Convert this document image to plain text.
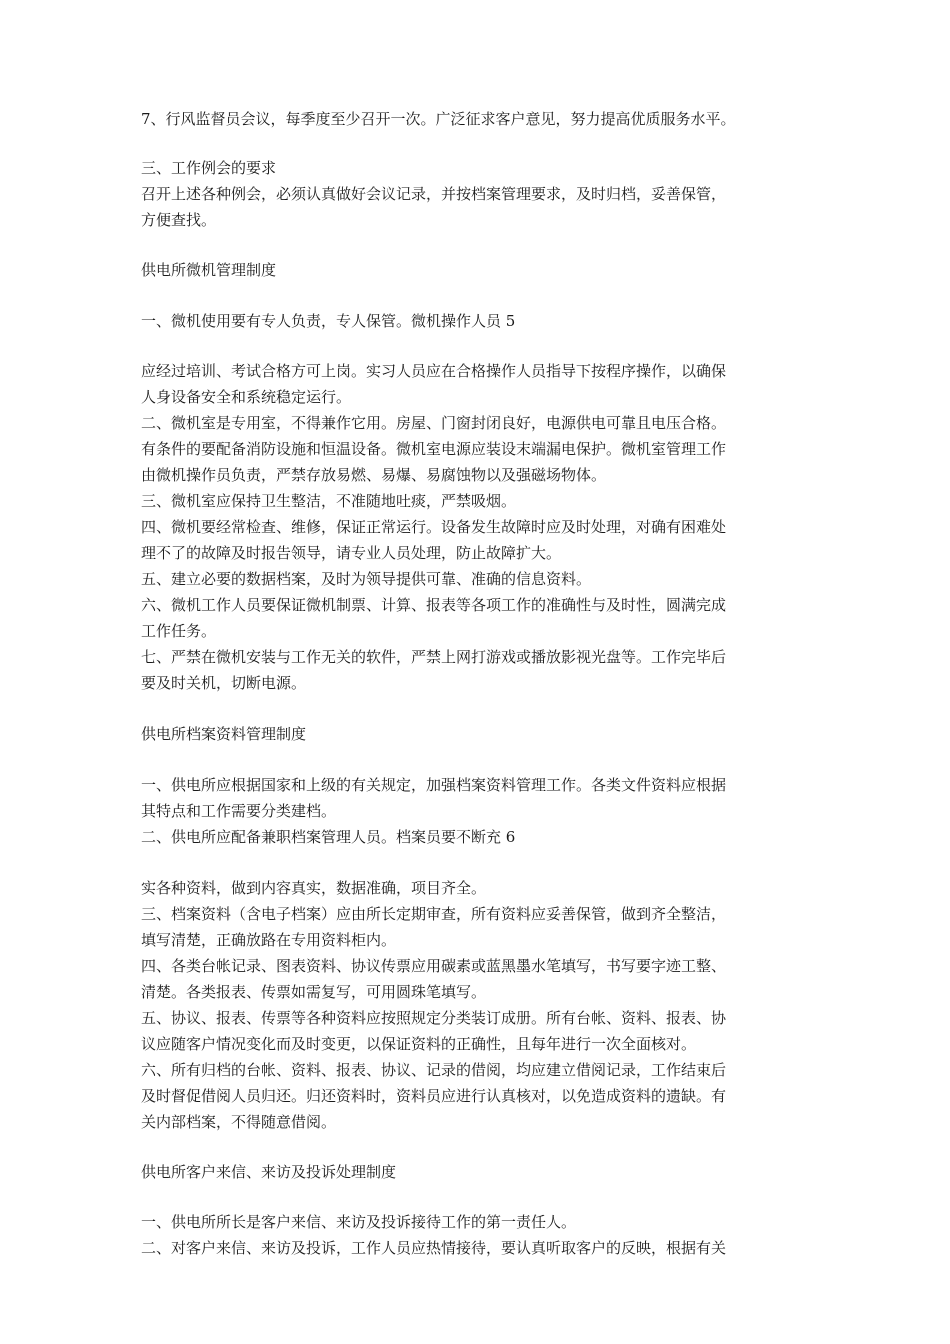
7、行风监督员会议，每季度至少召开一次。广泛征求客户意见，努力提高优质服务水平。
三、工作例会的要求
召开上述各种例会，必须认真做好会议记录，并按档案管理要求，及时归档，妥善保管，
方便查找。
供电所微机管理制度
一、微机使用要有专人负责，专人保管。微机操作人员 5
应经过培训、考试合格方可上岗。实习人员应在合格操作人员指导下按程序操作，以确保
人身设备安全和系统稳定运行。
二、微机室是专用室，不得兼作它用。房屋、门窗封闭良好，电源供电可靠且电压合格。
有条件的要配备消防设施和恒温设备。微机室电源应装设末端漏电保护。微机室管理工作
由微机操作员负责，严禁存放易燃、易爆、易腐蚀物以及强磁场物体。
三、微机室应保持卫生整洁，不准随地吐痰，严禁吸烟。
四、微机要经常检查、维修，保证正常运行。设备发生故障时应及时处理，对确有困难处
理不了的故障及时报告领导，请专业人员处理，防止故障扩大。
五、建立必要的数据档案，及时为领导提供可靠、准确的信息资料。
六、微机工作人员要保证微机制票、计算、报表等各项工作的准确性与及时性，圆满完成
工作任务。
七、严禁在微机安装与工作无关的软件，严禁上网打游戏或播放影视光盘等。工作完毕后
要及时关机，切断电源。
供电所档案资料管理制度
一、供电所应根据国家和上级的有关规定，加强档案资料管理工作。各类文件资料应根据
其特点和工作需要分类建档。
二、供电所应配备兼职档案管理人员。档案员要不断充 6
实各种资料，做到内容真实，数据准确，项目齐全。
三、档案资料（含电子档案）应由所长定期审查，所有资料应妥善保管，做到齐全整洁，
填写清楚，正确放路在专用资料柜内。
四、各类台帐记录、图表资料、协议传票应用碳素或蓝黑墨水笔填写，书写要字迹工整、
清楚。各类报表、传票如需复写，可用圆珠笔填写。
五、协议、报表、传票等各种资料应按照规定分类装订成册。所有台帐、资料、报表、协
议应随客户情况变化而及时变更，以保证资料的正确性，且每年进行一次全面核对。
六、所有归档的台帐、资料、报表、协议、记录的借阅，均应建立借阅记录，工作结束后
及时督促借阅人员归还。归还资料时，资料员应进行认真核对，以免造成资料的遗缺。有
关内部档案，不得随意借阅。
供电所客户来信、来访及投诉处理制度
一、供电所所长是客户来信、来访及投诉接待工作的第一责任人。
二、对客户来信、来访及投诉，工作人员应热情接待，要认真听取客户的反映，根据有关
